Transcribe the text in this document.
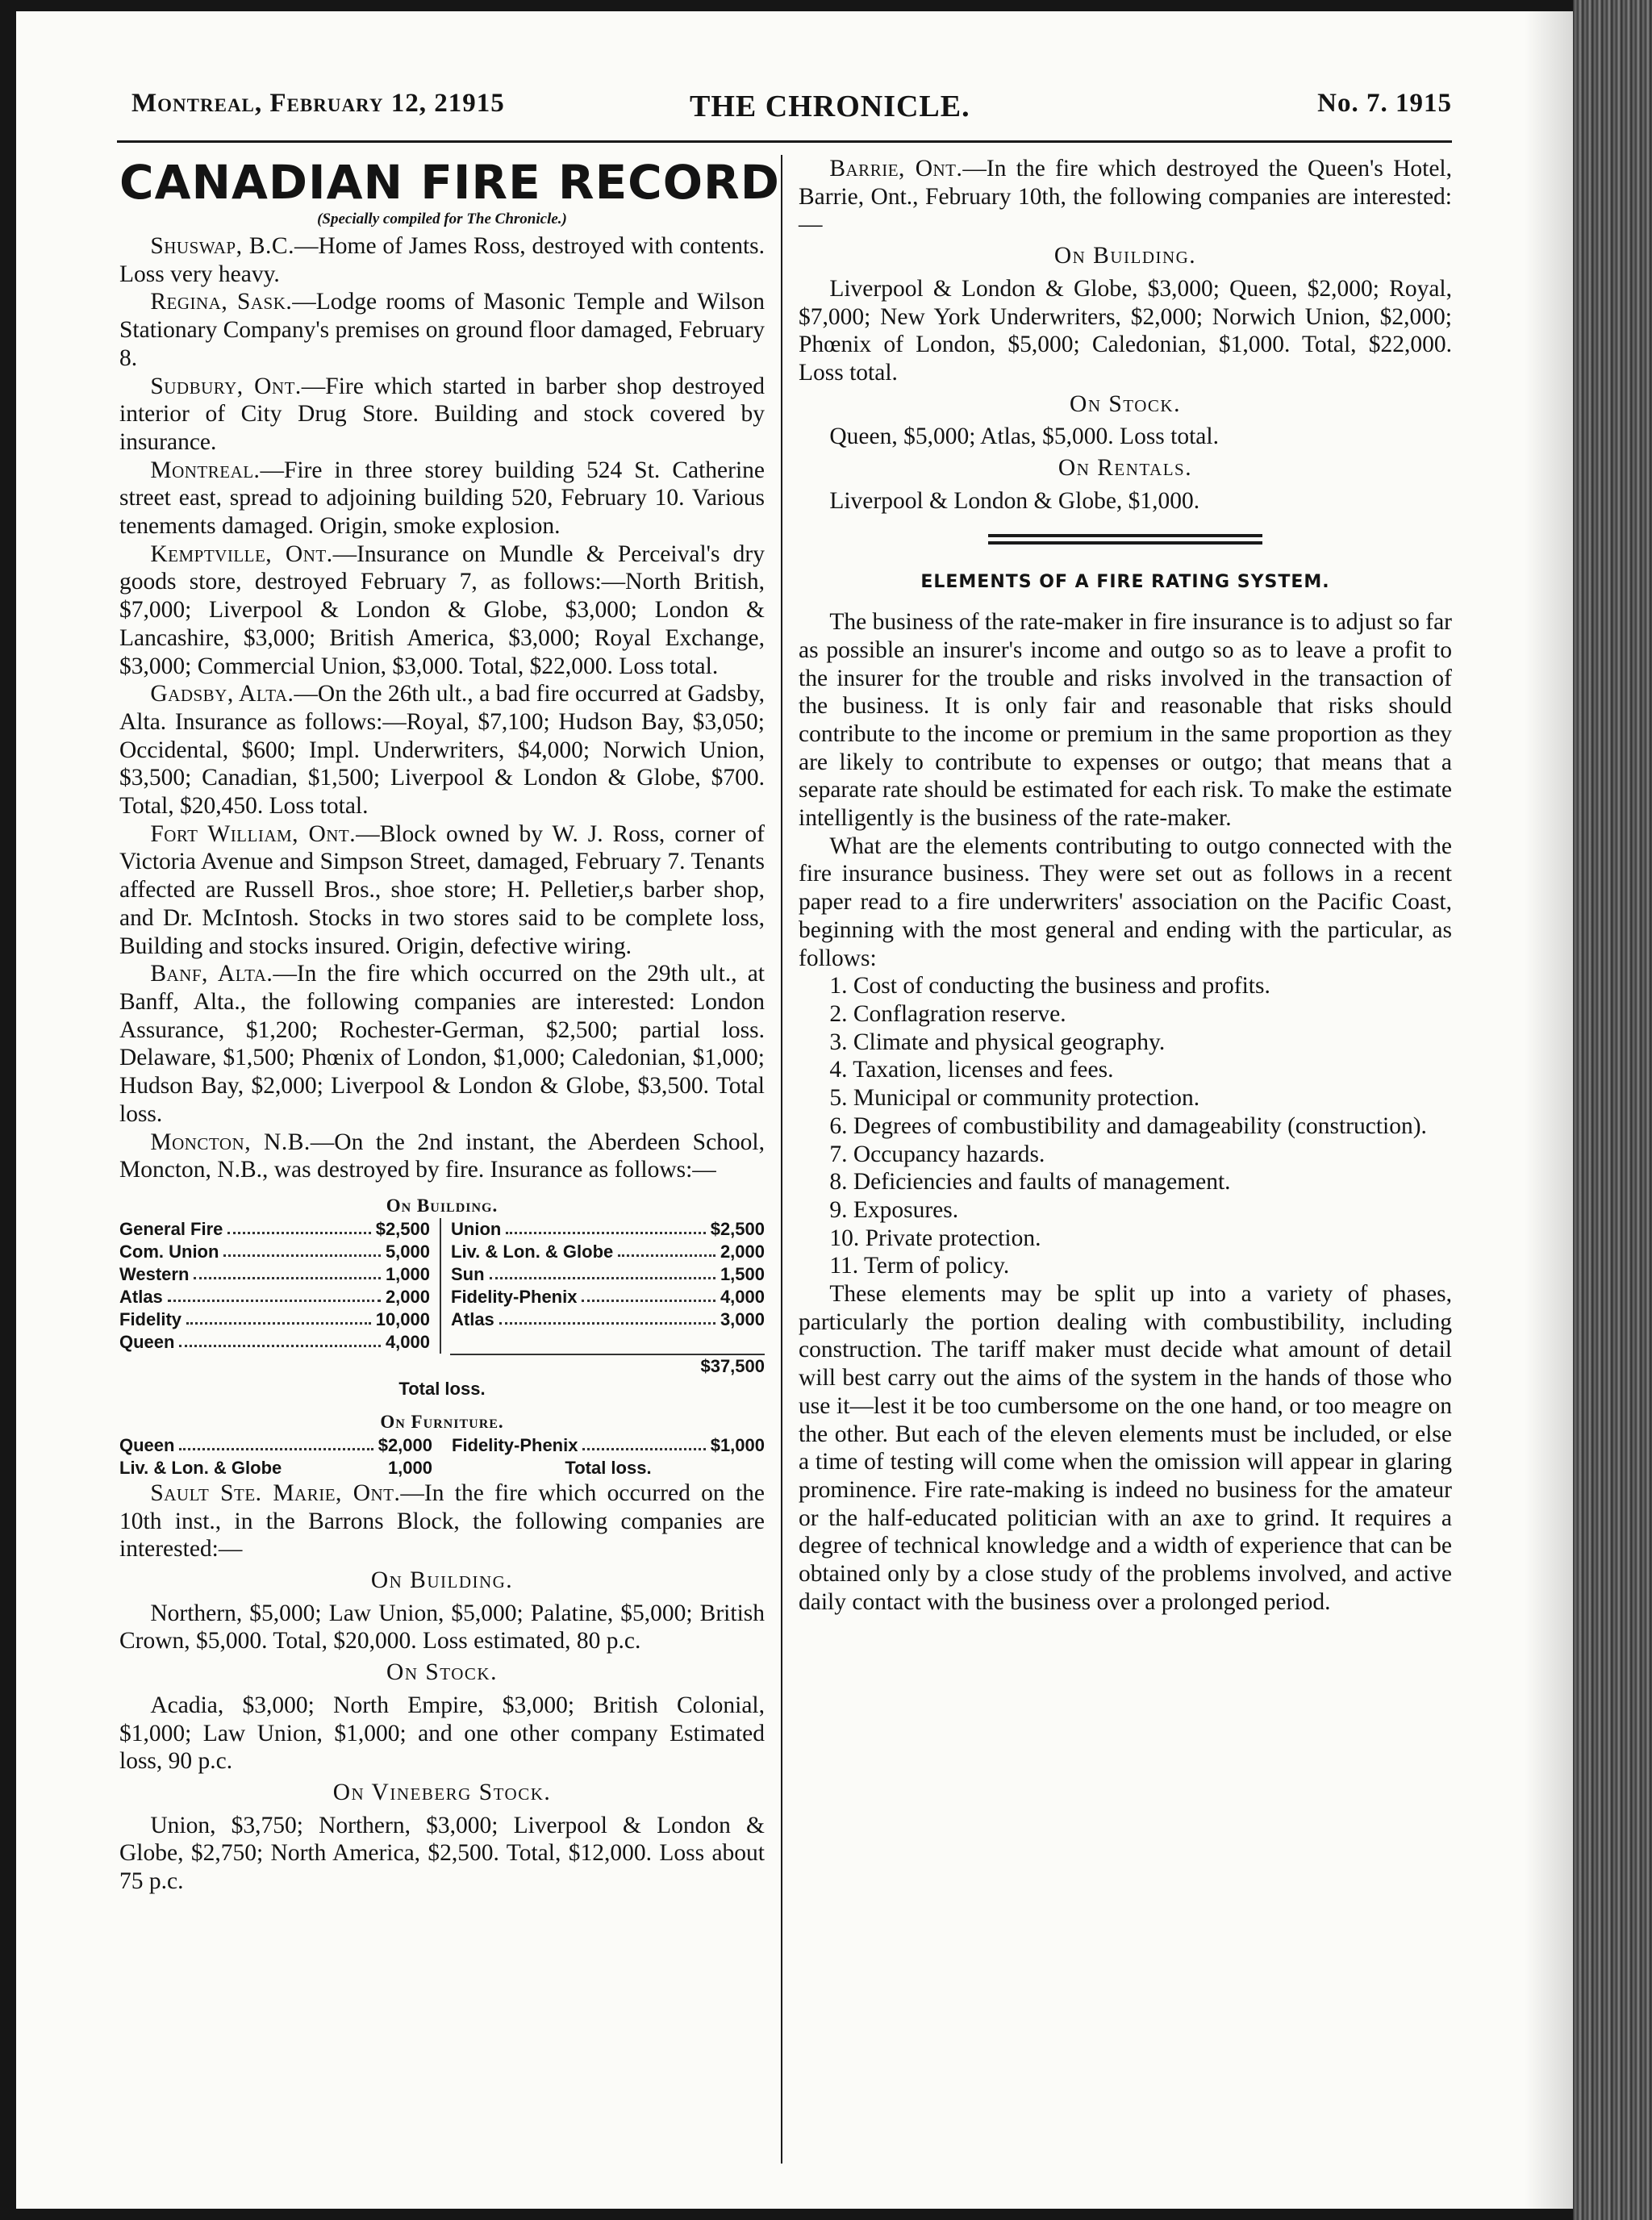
Montreal, February 12, 21915	THE CHRONICLE.	No. 7. 1915
CANADIAN FIRE RECORD
(Specially compiled for The Chronicle.)

Shuswap, B.C.—Home of James Ross, destroyed with contents. Loss very heavy.

Regina, Sask.—Lodge rooms of Masonic Temple and Wilson Stationary Company's premises on ground floor damaged, February 8.

Sudbury, Ont.—Fire which started in barber shop destroyed interior of City Drug Store. Building and stock covered by insurance.

Montreal.—Fire in three storey building 524 St. Catherine street east, spread to adjoining building 520, February 10. Various tenements damaged. Origin, smoke explosion.

Kemptville, Ont.—Insurance on Mundle & Perceival's dry goods store, destroyed February 7, as follows:—North British, $7,000; Liverpool & London & Globe, $3,000; London & Lancashire, $3,000; British America, $3,000; Royal Exchange, $3,000; Commercial Union, $3,000. Total, $22,000. Loss total.

Gadsby, Alta.—On the 26th ult., a bad fire occurred at Gadsby, Alta. Insurance as follows:—Royal, $7,100; Hudson Bay, $3,050; Occidental, $600; Impl. Underwriters, $4,000; Norwich Union, $3,500; Canadian, $1,500; Liverpool & London & Globe, $700. Total, $20,450. Loss total.

Fort William, Ont.—Block owned by W. J. Ross, corner of Victoria Avenue and Simpson Street, damaged, February 7. Tenants affected are Russell Bros., shoe store; H. Pelletier,s barber shop, and Dr. McIntosh. Stocks in two stores said to be complete loss, Building and stocks insured. Origin, defective wiring.

Banf, Alta.—In the fire which occurred on the 29th ult., at Banff, Alta., the following companies are interested: London Assurance, $1,200; Rochester-German, $2,500; partial loss. Delaware, $1,500; Phœnix of London, $1,000; Caledonian, $1,000; Hudson Bay, $2,000; Liverpool & London & Globe, $3,500. Total loss.

Moncton, N.B.—On the 2nd instant, the Aberdeen School, Moncton, N.B., was destroyed by fire. Insurance as follows:—

On Building.
General Fire	$2,500
Com. Union	5,000
Western	1,000
Atlas	2,000
Fidelity	10,000
Queen	4,000
Union	$2,500
Liv. & Lon. & Globe	2,000
Sun	1,500
Fidelity-Phenix	4,000
Atlas	3,000
$37,500
Total loss.
On Furniture.
Queen	$2,000
Liv. & Lon. & Globe	1,000
Fidelity-Phenix	$1,000
Total loss.

Sault Ste. Marie, Ont.—In the fire which occurred on the 10th inst., in the Barrons Block, the following companies are interested:—

On Building.

Northern, $5,000; Law Union, $5,000; Palatine, $5,000; British Crown, $5,000. Total, $20,000. Loss estimated, 80 p.c.

On Stock.

Acadia, $3,000; North Empire, $3,000; British Colonial, $1,000; Law Union, $1,000; and one other company Estimated loss, 90 p.c.

On Vineberg Stock.

Union, $3,750; Northern, $3,000; Liverpool & London & Globe, $2,750; North America, $2,500. Total, $12,000. Loss about 75 p.c.

Barrie, Ont.—In the fire which destroyed the Queen's Hotel, Barrie, Ont., February 10th, the following companies are interested:—

On Building.

Liverpool & London & Globe, $3,000; Queen, $2,000; Royal, $7,000; New York Underwriters, $2,000; Norwich Union, $2,000; Phœnix of London, $5,000; Caledonian, $1,000. Total, $22,000. Loss total.

On Stock.

Queen, $5,000; Atlas, $5,000. Loss total.

On Rentals.

Liverpool & London & Globe, $1,000.

ELEMENTS OF A FIRE RATING SYSTEM.

The business of the rate-maker in fire insurance is to adjust so far as possible an insurer's income and outgo so as to leave a profit to the insurer for the trouble and risks involved in the transaction of the business. It is only fair and reasonable that risks should contribute to the income or premium in the same proportion as they are likely to contribute to expenses or outgo; that means that a separate rate should be estimated for each risk. To make the estimate intelligently is the business of the rate-maker.

What are the elements contributing to outgo connected with the fire insurance business. They were set out as follows in a recent paper read to a fire underwriters' association on the Pacific Coast, beginning with the most general and ending with the particular, as follows:

1. Cost of conducting the business and profits.

2. Conflagration reserve.

3. Climate and physical geography.

4. Taxation, licenses and fees.

5. Municipal or community protection.

6. Degrees of combustibility and damageability (construction).

7. Occupancy hazards.

8. Deficiencies and faults of management.

9. Exposures.

10. Private protection.

11. Term of policy.

These elements may be split up into a variety of phases, particularly the portion dealing with combustibility, including construction. The tariff maker must decide what amount of detail will best carry out the aims of the system in the hands of those who use it—lest it be too cumbersome on the one hand, or too meagre on the other. But each of the eleven elements must be included, or else a time of testing will come when the omission will appear in glaring prominence. Fire rate-making is indeed no business for the amateur or the half-educated politician with an axe to grind. It requires a degree of technical knowledge and a width of experience that can be obtained only by a close study of the problems involved, and active daily contact with the business over a prolonged period.
